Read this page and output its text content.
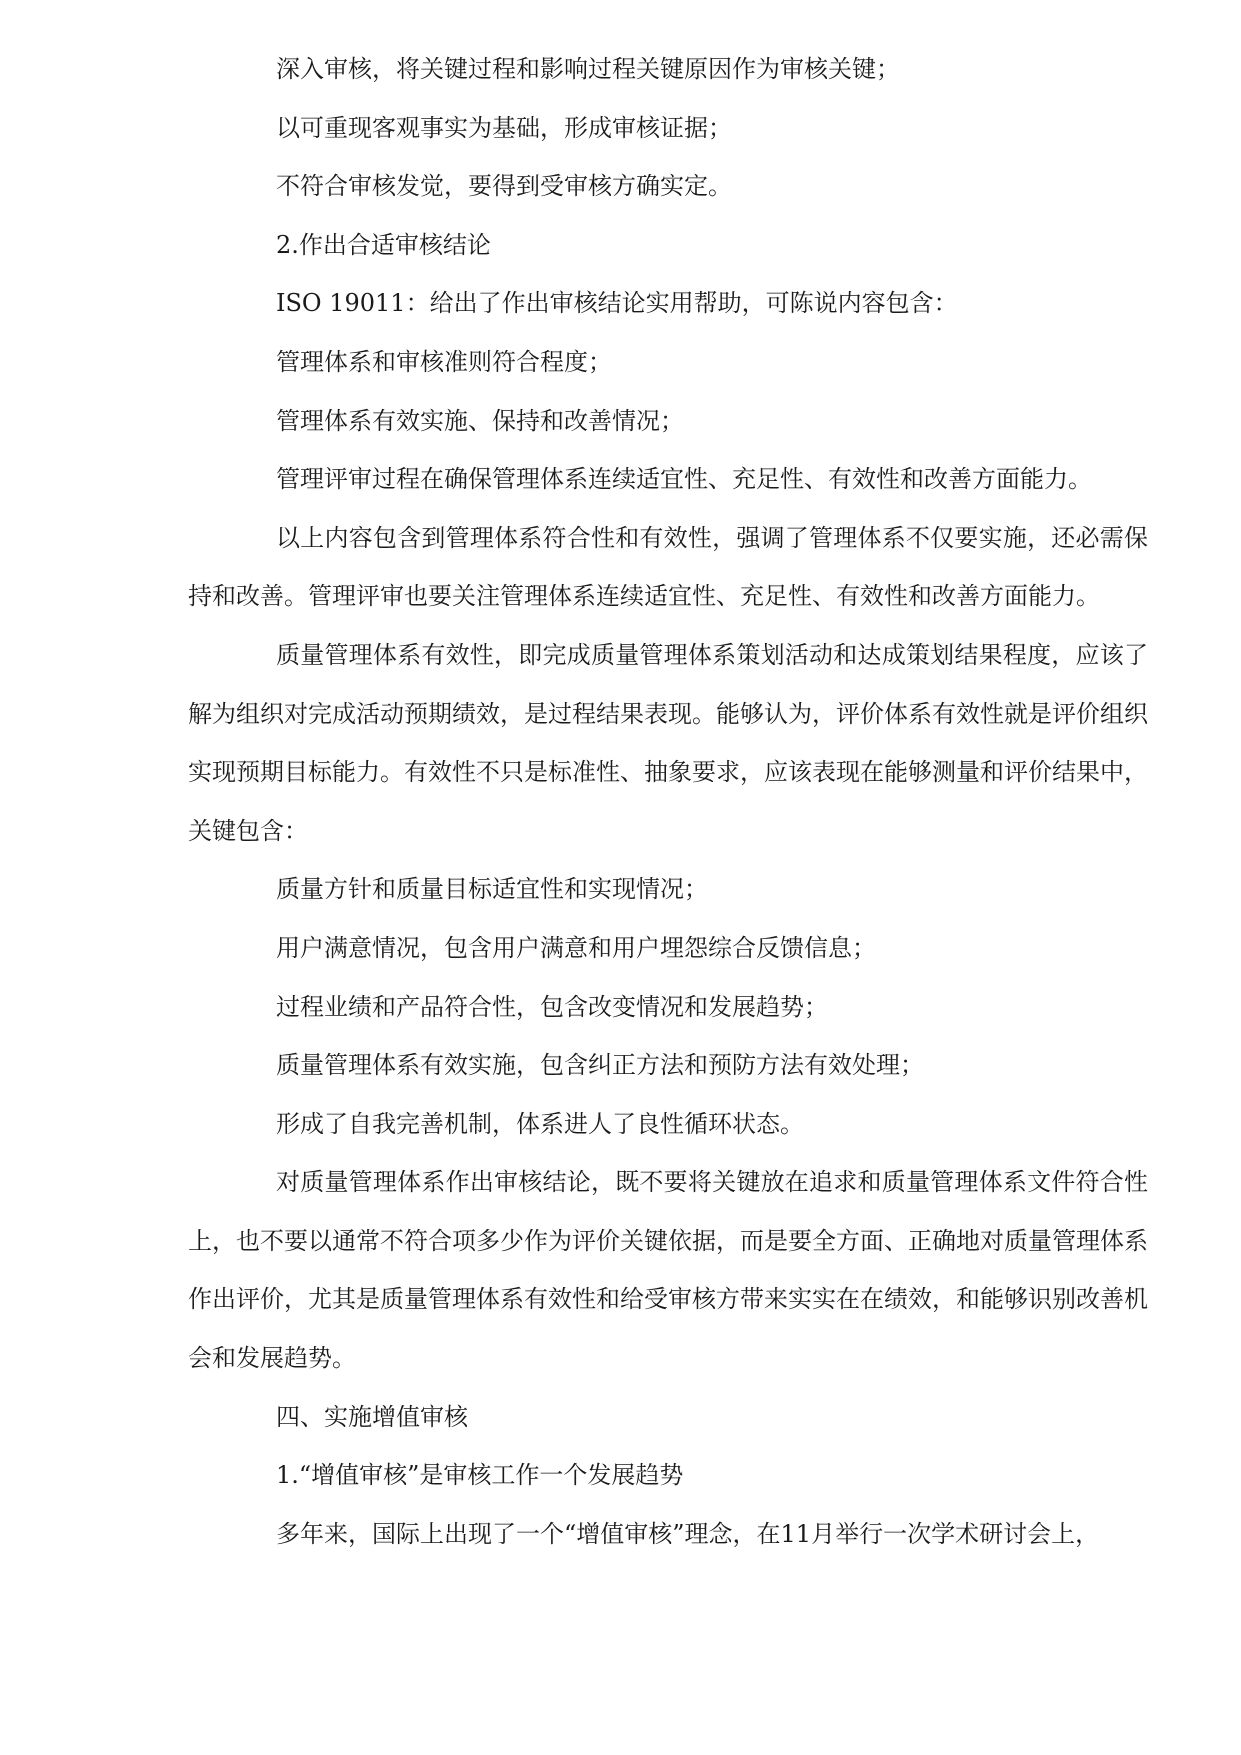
深入审核，将关键过程和影响过程关键原因作为审核关键；

以可重现客观事实为基础，形成审核证据；

不符合审核发觉，要得到受审核方确实定。

2.作出合适审核结论

ISO 19011：给出了作出审核结论实用帮助，可陈说内容包含：

管理体系和审核准则符合程度；

管理体系有效实施、保持和改善情况；

管理评审过程在确保管理体系连续适宜性、充足性、有效性和改善方面能力。

以上内容包含到管理体系符合性和有效性，强调了管理体系不仅要实施，还必需保持和改善。管理评审也要关注管理体系连续适宜性、充足性、有效性和改善方面能力。

质量管理体系有效性，即完成质量管理体系策划活动和达成策划结果程度，应该了解为组织对完成活动预期绩效，是过程结果表现。能够认为，评价体系有效性就是评价组织实现预期目标能力。有效性不只是标准性、抽象要求，应该表现在能够测量和评价结果中，关键包含：

质量方针和质量目标适宜性和实现情况；

用户满意情况，包含用户满意和用户埋怨综合反馈信息；

过程业绩和产品符合性，包含改变情况和发展趋势；

质量管理体系有效实施，包含纠正方法和预防方法有效处理；

形成了自我完善机制，体系进人了良性循环状态。

对质量管理体系作出审核结论，既不要将关键放在追求和质量管理体系文件符合性上，也不要以通常不符合项多少作为评价关键依据，而是要全方面、正确地对质量管理体系作出评价，尤其是质量管理体系有效性和给受审核方带来实实在在绩效，和能够识别改善机会和发展趋势。

四、实施增值审核

1.“增值审核”是审核工作一个发展趋势

多年来，国际上出现了一个“增值审核”理念，在11月举行一次学术研讨会上，
